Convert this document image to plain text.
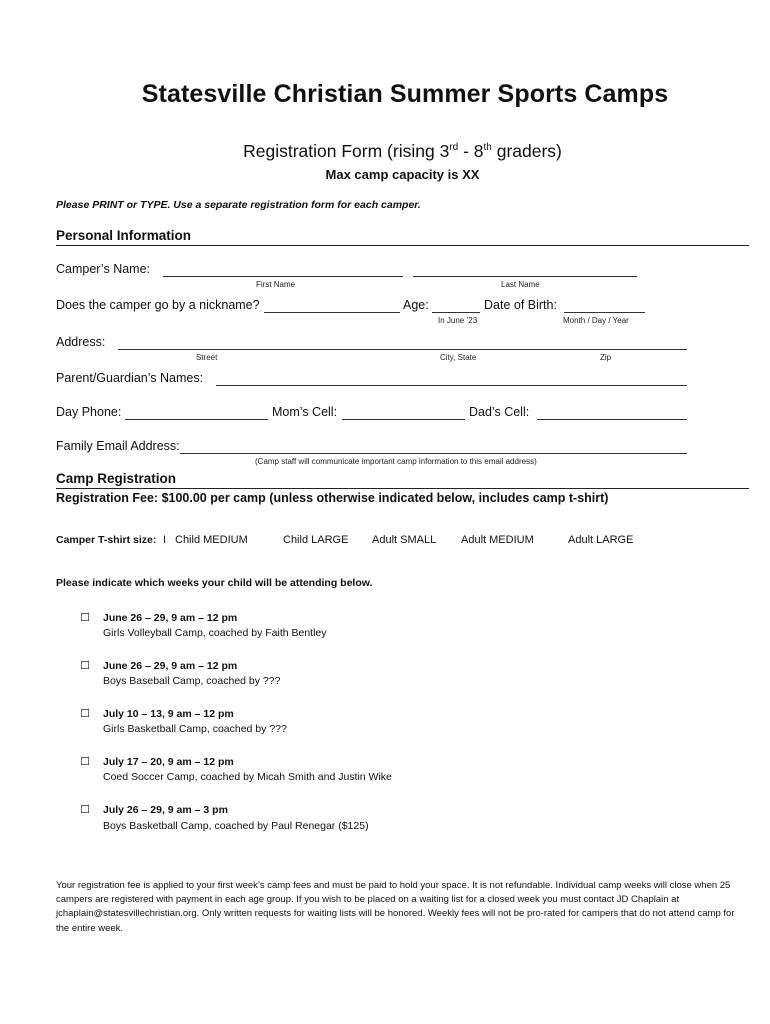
Statesville Christian Summer Sports Camps
Registration Form (rising 3rd - 8th graders)
Max camp capacity is XX
Please PRINT or TYPE. Use a separate registration form for each camper.
Personal Information
Camper’s Name:
First Name	Last Name
Does the camper go by a nickname?	Age:	Date of Birth:
In June ’23	Month / Day / Year
Address:
Street	City, State	Zip
Parent/Guardian’s Names:
Day Phone:	Mom’s Cell:	Dad’s Cell:
Family Email Address:
(Camp staff will communicate important camp information to this email address)
Camp Registration
Registration Fee: $100.00 per camp (unless otherwise indicated below, includes camp t-shirt)
Camper T-shirt size: I Child MEDIUM	Child LARGE Adult SMALL Adult MEDIUM	Adult LARGE
Please indicate which weeks your child will be attending below.
☐ June 26 – 29, 9 am – 12 pm
Girls Volleyball Camp, coached by Faith Bentley
☐ June 26 – 29, 9 am – 12 pm
Boys Baseball Camp, coached by ???
☐ July 10 – 13, 9 am – 12 pm
Girls Basketball Camp, coached by ???
☐ July 17 – 20, 9 am – 12 pm
Coed Soccer Camp, coached by Micah Smith and Justin Wike
☐ July 26 – 29, 9 am – 3 pm
Boys Basketball Camp, coached by Paul Renegar ($125)
Your registration fee is applied to your first week’s camp fees and must be paid to hold your space. It is not refundable. Individual camp weeks will close when 25 campers are registered with payment in each age group. If you wish to be placed on a waiting list for a closed week you must contact JD Chaplain at jchaplain@statesvillechristian.org. Only written requests for waiting lists will be honored. Weekly fees will not be pro-rated for campers that do not attend camp for the entire week.
